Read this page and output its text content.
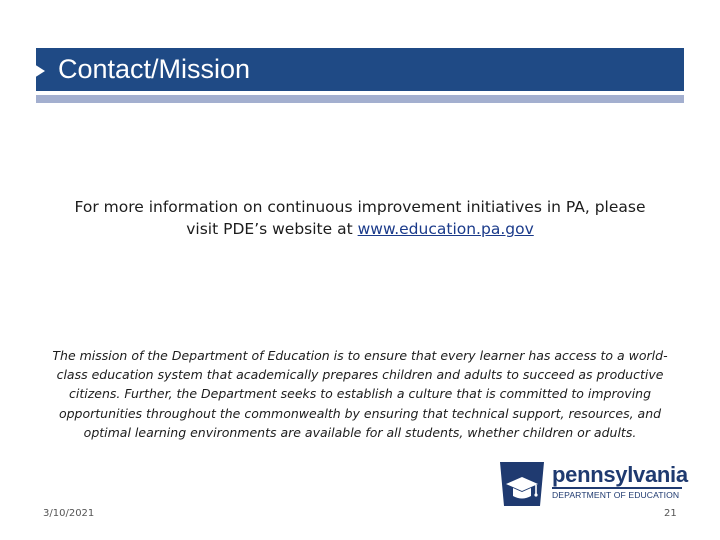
Contact/Mission
For more information on continuous improvement initiatives in PA, please
visit PDE’s website at www.education.pa.gov
The mission of the Department of Education is to ensure that every learner has access to a world-class education system that academically prepares children and adults to succeed as productive citizens. Further, the Department seeks to establish a culture that is committed to improving opportunities throughout the commonwealth by ensuring that technical support, resources, and optimal learning environments are available for all students, whether children or adults.
pennsylvania
DEPARTMENT OF EDUCATION
3/10/2021	21
